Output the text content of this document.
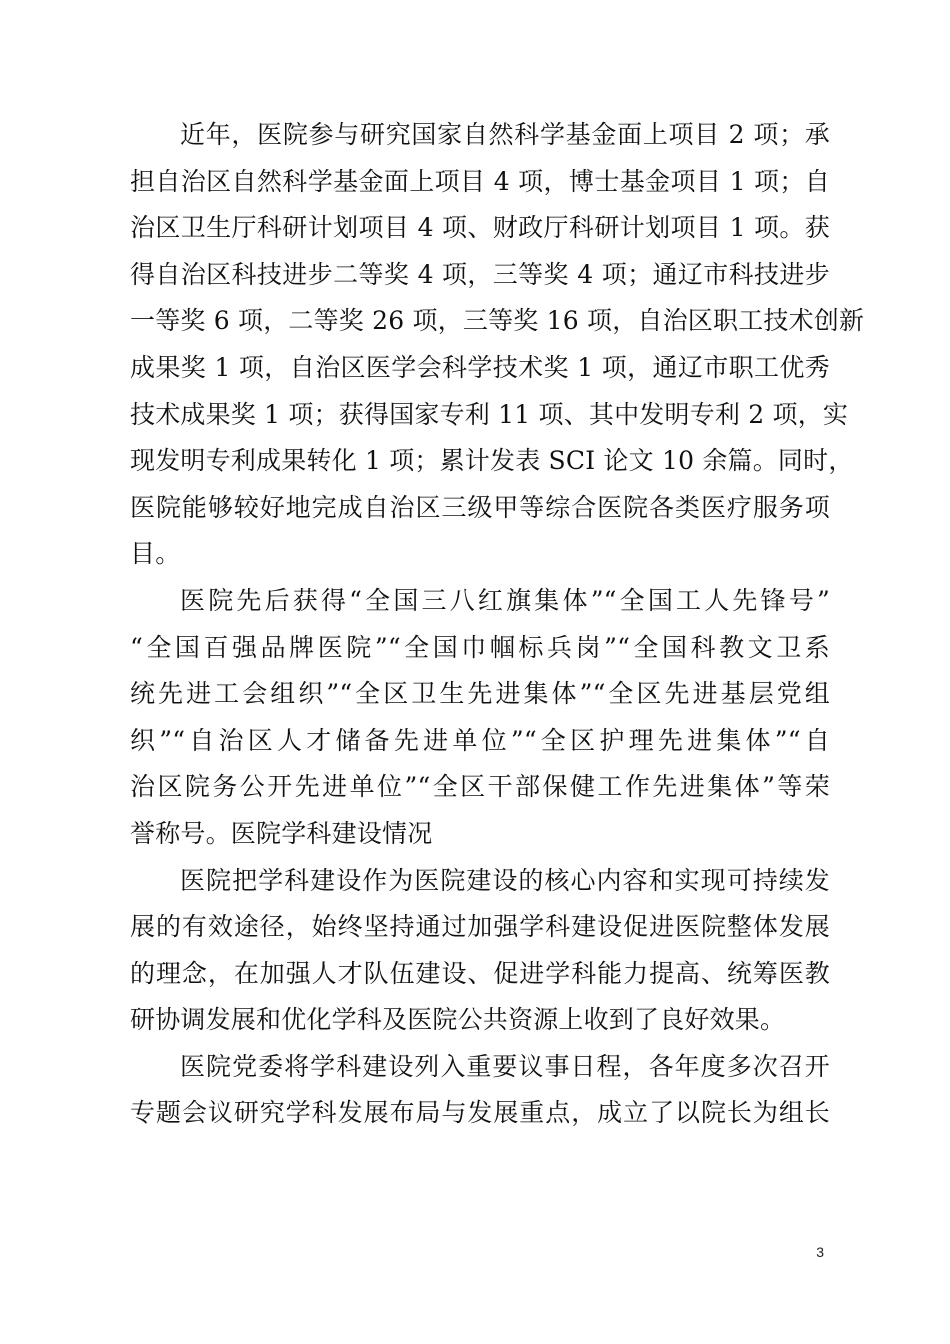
近年，医院参与研究国家自然科学基金面上项目 2 项；承
担自治区自然科学基金面上项目 4 项，博士基金项目 1 项；自
治区卫生厅科研计划项目 4 项、财政厅科研计划项目 1 项。获
得自治区科技进步二等奖 4 项，三等奖 4 项；通辽市科技进步
一等奖 6 项，二等奖 26 项，三等奖 16 项，自治区职工技术创新
成果奖 1 项，自治区医学会科学技术奖 1 项，通辽市职工优秀
技术成果奖 1 项；获得国家专利 11 项、其中发明专利 2 项，实
现发明专利成果转化 1 项；累计发表 SCI 论文 10 余篇。同时，
医院能够较好地完成自治区三级甲等综合医院各类医疗服务项
目。
医院先后获得“全国三八红旗集体”“全国工人先锋号”
“全国百强品牌医院”“全国巾帼标兵岗”“全国科教文卫系
统先进工会组织”“全区卫生先进集体”“全区先进基层党组
织”“自治区人才储备先进单位”“全区护理先进集体”“自
治区院务公开先进单位”“全区干部保健工作先进集体”等荣
誉称号。医院学科建设情况
医院把学科建设作为医院建设的核心内容和实现可持续发
展的有效途径，始终坚持通过加强学科建设促进医院整体发展
的理念，在加强人才队伍建设、促进学科能力提高、统筹医教
研协调发展和优化学科及医院公共资源上收到了良好效果。
医院党委将学科建设列入重要议事日程，各年度多次召开
专题会议研究学科发展布局与发展重点，成立了以院长为组长
3
